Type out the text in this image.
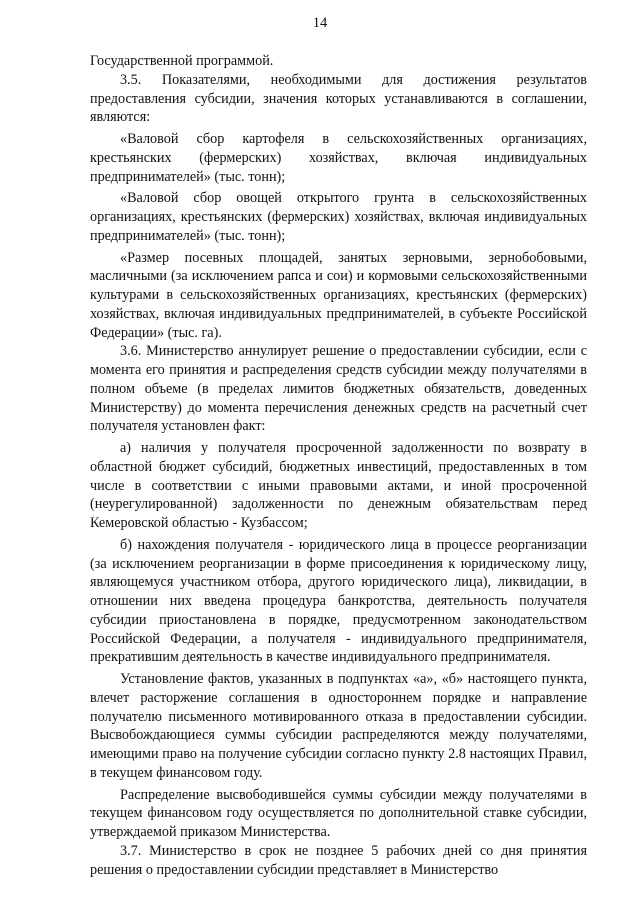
14

Государственной программой.

3.5. Показателями, необходимыми для достижения результатов предоставления субсидии, значения которых устанавливаются в соглашении, являются:

«Валовой сбор картофеля в сельскохозяйственных организациях, крестьянских (фермерских) хозяйствах, включая индивидуальных предпринимателей» (тыс. тонн);

«Валовой сбор овощей открытого грунта в сельскохозяйственных организациях, крестьянских (фермерских) хозяйствах, включая индивидуальных предпринимателей» (тыс. тонн);

«Размер посевных площадей, занятых зерновыми, зернобобовыми, масличными (за исключением рапса и сои) и кормовыми сельскохозяйственными культурами в сельскохозяйственных организациях, крестьянских (фермерских) хозяйствах, включая индивидуальных предпринимателей, в субъекте Российской Федерации» (тыс. га).

3.6. Министерство аннулирует решение о предоставлении субсидии, если с момента его принятия и распределения средств субсидии между получателями в полном объеме (в пределах лимитов бюджетных обязательств, доведенных Министерству) до момента перечисления денежных средств на расчетный счет получателя установлен факт:

а) наличия у получателя просроченной задолженности по возврату в областной бюджет субсидий, бюджетных инвестиций, предоставленных в том числе в соответствии с иными правовыми актами, и иной просроченной (неурегулированной) задолженности по денежным обязательствам перед Кемеровской областью - Кузбассом;

б) нахождения получателя - юридического лица в процессе реорганизации (за исключением реорганизации в форме присоединения к юридическому лицу, являющемуся участником отбора, другого юридического лица), ликвидации, в отношении них введена процедура банкротства, деятельность получателя субсидии приостановлена в порядке, предусмотренном законодательством Российской Федерации, а получателя - индивидуального предпринимателя, прекратившим деятельность в качестве индивидуального предпринимателя.

Установление фактов, указанных в подпунктах «а», «б» настоящего пункта, влечет расторжение соглашения в одностороннем порядке и направление получателю письменного мотивированного отказа в предоставлении субсидии. Высвобождающиеся суммы субсидии распределяются между получателями, имеющими право на получение субсидии согласно пункту 2.8 настоящих Правил, в текущем финансовом году.

Распределение высвободившейся суммы субсидии между получателями в текущем финансовом году осуществляется по дополнительной ставке субсидии, утверждаемой приказом Министерства.

3.7. Министерство в срок не позднее 5 рабочих дней со дня принятия решения о предоставлении субсидии представляет в Министерство
